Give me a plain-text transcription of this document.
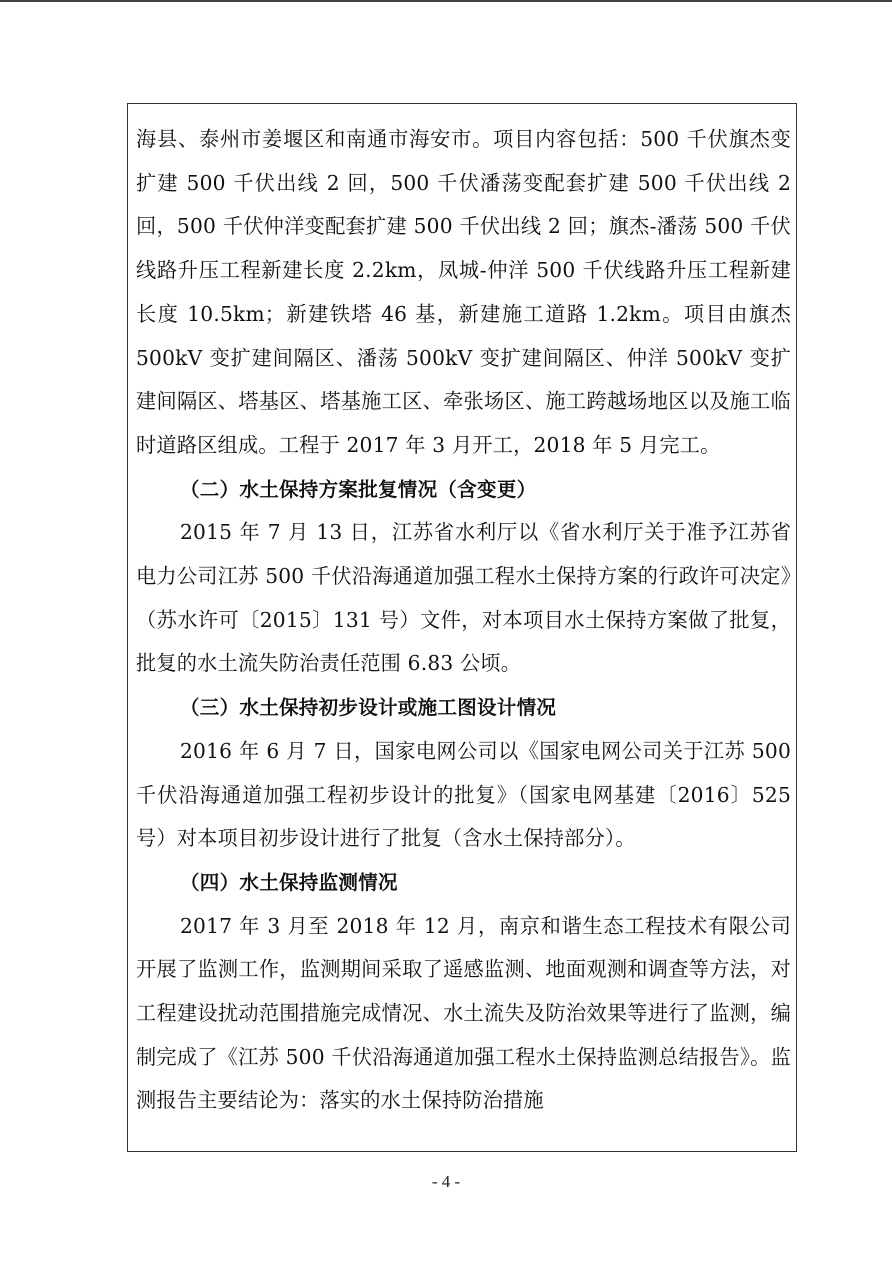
海县、泰州市姜堰区和南通市海安市。项目内容包括：500 千伏旗杰变扩建 500 千伏出线 2 回，500 千伏潘荡变配套扩建 500 千伏出线 2 回，500 千伏仲洋变配套扩建 500 千伏出线 2 回；旗杰-潘荡 500 千伏线路升压工程新建长度 2.2km，凤城-仲洋 500 千伏线路升压工程新建长度 10.5km；新建铁塔 46 基，新建施工道路 1.2km。项目由旗杰 500kV 变扩建间隔区、潘荡 500kV 变扩建间隔区、仲洋 500kV 变扩建间隔区、塔基区、塔基施工区、牵张场区、施工跨越场地区以及施工临时道路区组成。工程于 2017 年 3 月开工，2018 年 5 月完工。

（二）水土保持方案批复情况（含变更）

2015 年 7 月 13 日，江苏省水利厅以《省水利厅关于准予江苏省电力公司江苏 500 千伏沿海通道加强工程水土保持方案的行政许可决定》（苏水许可〔2015〕131 号）文件，对本项目水土保持方案做了批复，批复的水土流失防治责任范围 6.83 公顷。

（三）水土保持初步设计或施工图设计情况

2016 年 6 月 7 日，国家电网公司以《国家电网公司关于江苏 500 千伏沿海通道加强工程初步设计的批复》（国家电网基建〔2016〕525 号）对本项目初步设计进行了批复（含水土保持部分）。

（四）水土保持监测情况

2017 年 3 月至 2018 年 12 月，南京和谐生态工程技术有限公司开展了监测工作，监测期间采取了遥感监测、地面观测和调查等方法，对工程建设扰动范围措施完成情况、水土流失及防治效果等进行了监测，编制完成了《江苏 500 千伏沿海通道加强工程水土保持监测总结报告》。监测报告主要结论为：落实的水土保持防治措施

- 4 -
